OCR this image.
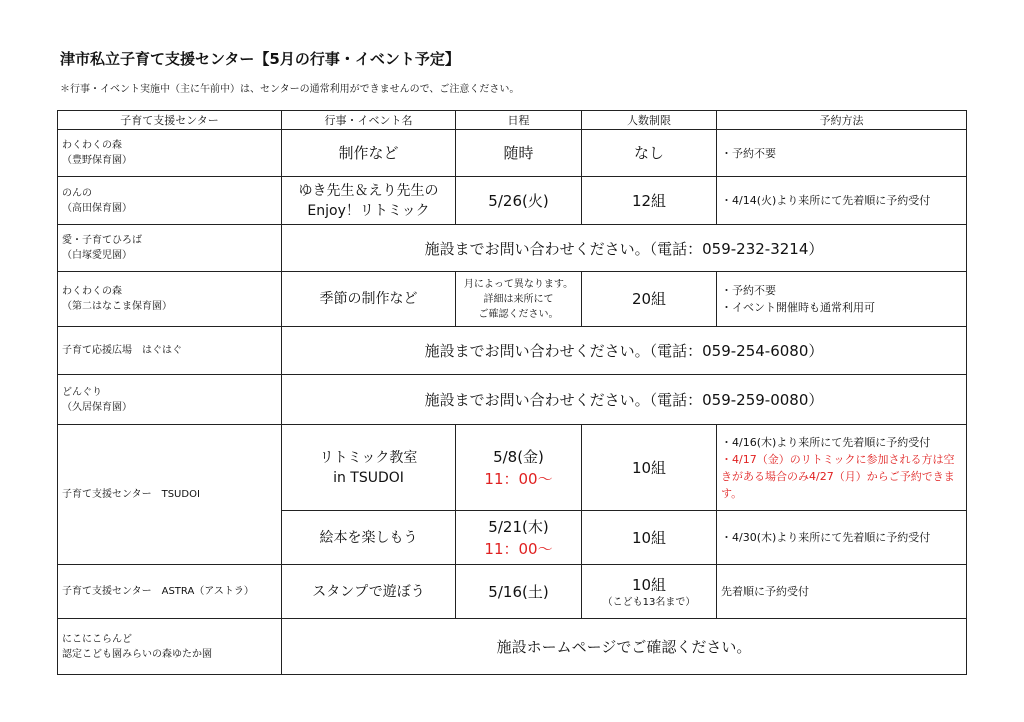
津市私立子育て支援センター【5月の行事・イベント予定】
＊行事・イベント実施中（主に午前中）は、センターの通常利用ができませんので、ご注意ください。
子育て支援センター	行事・イベント名	日程	人数制限	予約方法

わくわくの森
（豊野保育園）	制作など	随時	なし	・予約不要

のんの
（高田保育園）	ゆき先生＆えり先生の
Enjoy！リトミック	5/26(火)	12組	・4/14(火)より来所にて先着順に予約受付

愛・子育てひろば
（白塚愛児園）	施設までお問い合わせください。（電話：059-232-3214）			

わくわくの森
（第二はなこま保育園）	季節の制作など	月によって異なります。
詳細は来所にて
ご確認ください。	20組	・予約不要
・イベント開催時も通常利用可

子育て応援広場　はぐはぐ	施設までお問い合わせください。（電話：059-254-6080）			

どんぐり
（久居保育園）	施設までお問い合わせください。（電話：059-259-0080）			

子育て支援センター　TSUDOI	リトミック教室
in TSUDOI	5/8(金)
11：00～	10組	・4/16(木)より来所にて先着順に予約受付
・4/17（金）のリトミックに参加される方は空きがある場合のみ4/27（月）からご予約できます。

	絵本を楽しもう	5/21(木)
11：00～	10組	・4/30(木)より来所にて先着順に予約受付

子育て支援センター　ASTRA（アストラ）	スタンプで遊ぼう	5/16(土)	10組
（こども13名まで）	先着順に予約受付

にこにこらんど
認定こども園みらいの森ゆたか園	施設ホームページでご確認ください。			
